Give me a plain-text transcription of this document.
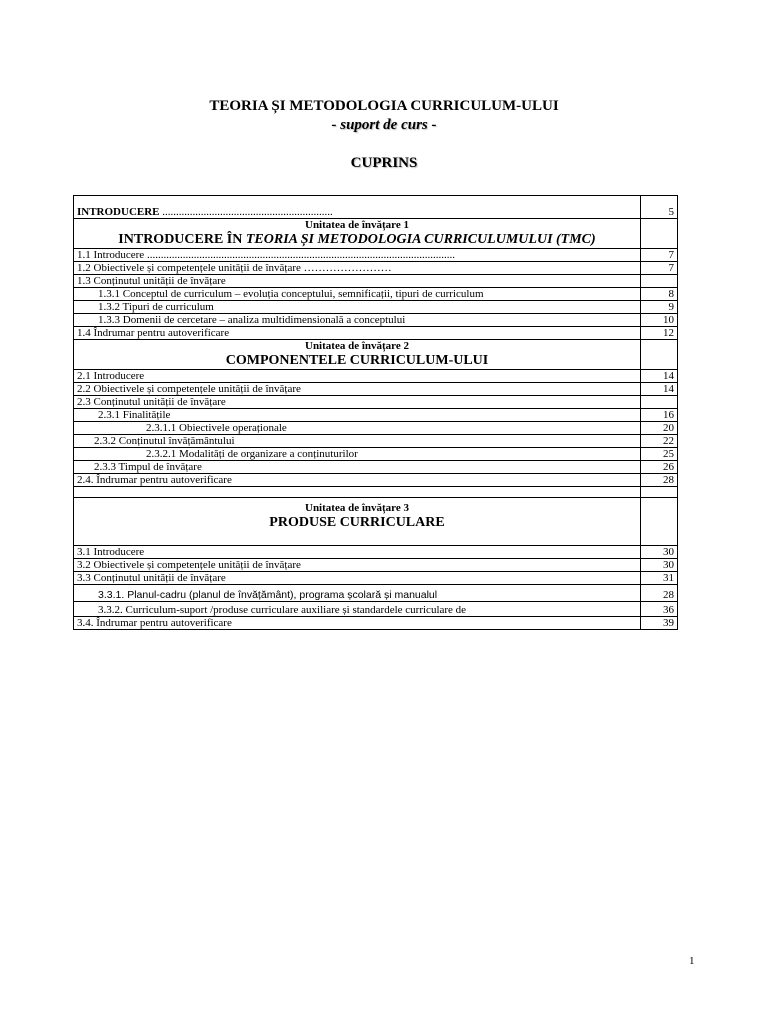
TEORIA ȘI METODOLOGIA CURRICULUM-ULUI
- suport de curs -
CUPRINS
INTRODUCERE ..............................................................	5

Unitatea de învățare 1
INTRODUCERE ÎN TEORIA ȘI METODOLOGIA CURRICULUMULUI (TMC)	

1.1 Introducere ................................................................................................................	7
1.2 Obiectivele și competențele unității de învățare ……………………	7
1.3 Conținutul unității de învățare	
1.3.1 Conceptul de curriculum – evoluția conceptului, semnificații, tipuri de curriculum	8
1.3.2 Tipuri de curriculum	9
1.3.3 Domenii de cercetare – analiza multidimensională a conceptului	10
1.4 Îndrumar pentru autoverificare	12

Unitatea de învățare 2
COMPONENTELE CURRICULUM-ULUI	

2.1 Introducere	14
2.2 Obiectivele și competențele unității de învățare	14
2.3 Conținutul unității de învățare	
2.3.1 Finalitățile	16
2.3.1.1 Obiectivele operaționale	20
2.3.2 Conținutul învățământului	22
2.3.2.1 Modalități de organizare a conținuturilor	25
2.3.3 Timpul de învățare	26
2.4. Îndrumar pentru autoverificare	28

Unitatea de învățare 3
PRODUSE CURRICULARE	

3.1 Introducere	30
3.2 Obiectivele și competențele unității de învățare	30
3.3 Conținutul unității de învățare	31
3.3.1. Planul-cadru (planul de învățământ), programa școlară și manualul	28
3.3.2. Curriculum-suport /produse curriculare auxiliare și standardele curriculare de	36
3.4. Îndrumar pentru autoverificare	39
1
